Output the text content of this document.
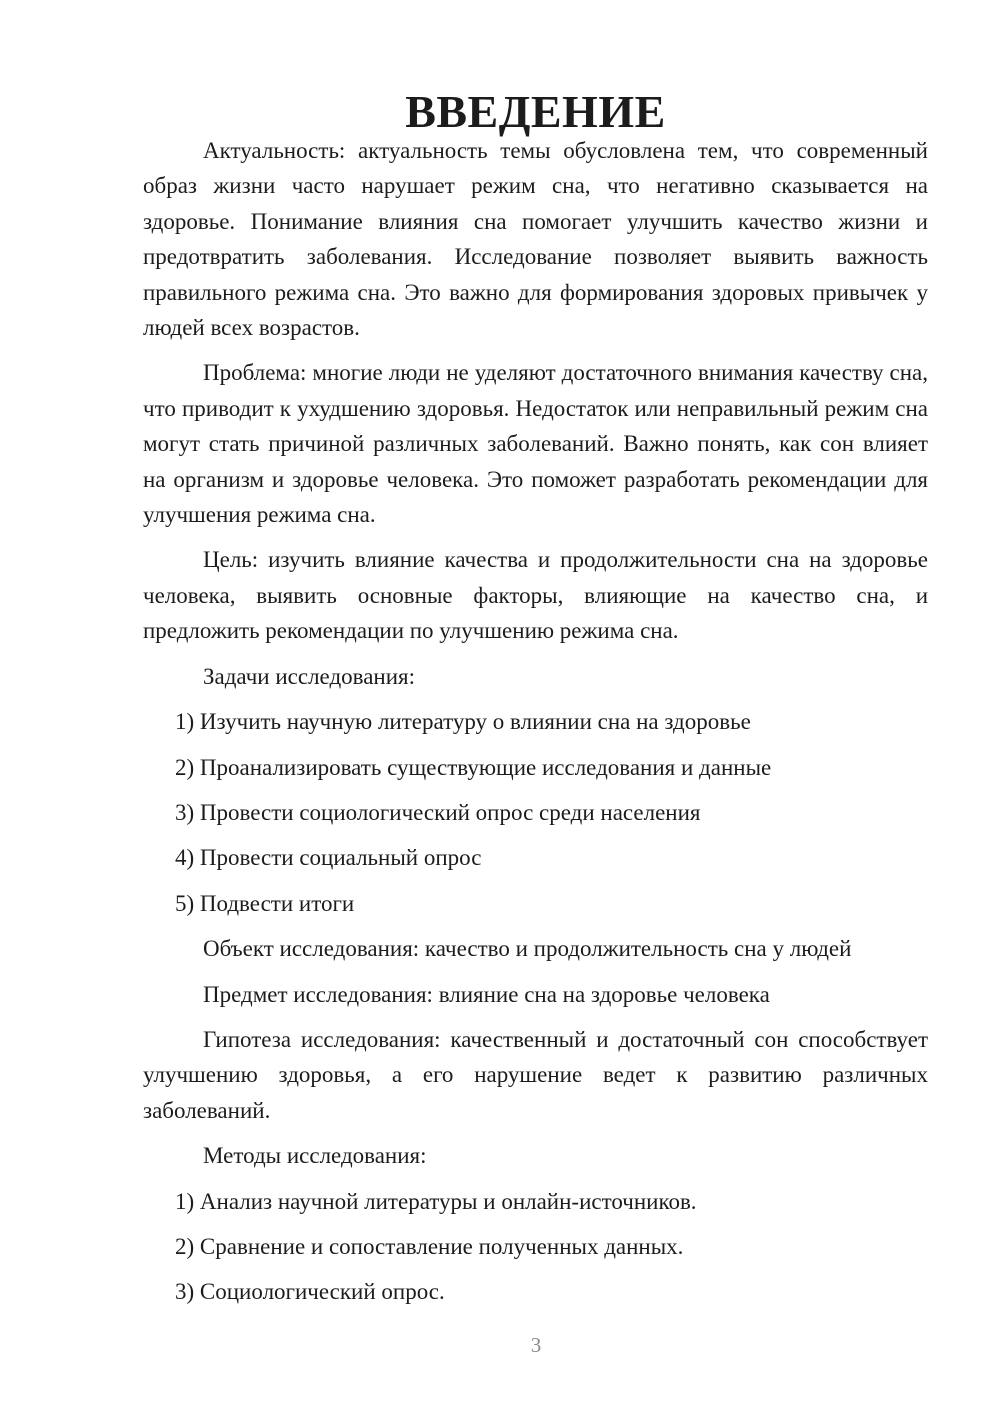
ВВЕДЕНИЕ

Актуальность: актуальность темы обусловлена тем, что современный образ жизни часто нарушает режим сна, что негативно сказывается на здоровье. Понимание влияния сна помогает улучшить качество жизни и предотвратить заболевания. Исследование позволяет выявить важность правильного режима сна. Это важно для формирования здоровых привычек у людей всех возрастов.

Проблема: многие люди не уделяют достаточного внимания качеству сна, что приводит к ухудшению здоровья. Недостаток или неправильный режим сна могут стать причиной различных заболеваний. Важно понять, как сон влияет на организм и здоровье человека. Это поможет разработать рекомендации для улучшения режима сна.

Цель: изучить влияние качества и продолжительности сна на здоровье человека, выявить основные факторы, влияющие на качество сна, и предложить рекомендации по улучшению режима сна.

Задачи исследования:

1) Изучить научную литературу о влиянии сна на здоровье

2) Проанализировать существующие исследования и данные

3) Провести социологический опрос среди населения

4) Провести социальный опрос

5) Подвести итоги

Объект исследования: качество и продолжительность сна у людей

Предмет исследования: влияние сна на здоровье человека

Гипотеза исследования: качественный и достаточный сон способствует улучшению здоровья, а его нарушение ведет к развитию различных заболеваний.

Методы исследования:

1) Анализ научной литературы и онлайн-источников.

2) Сравнение и сопоставление полученных данных.

3) Социологический опрос.

3
